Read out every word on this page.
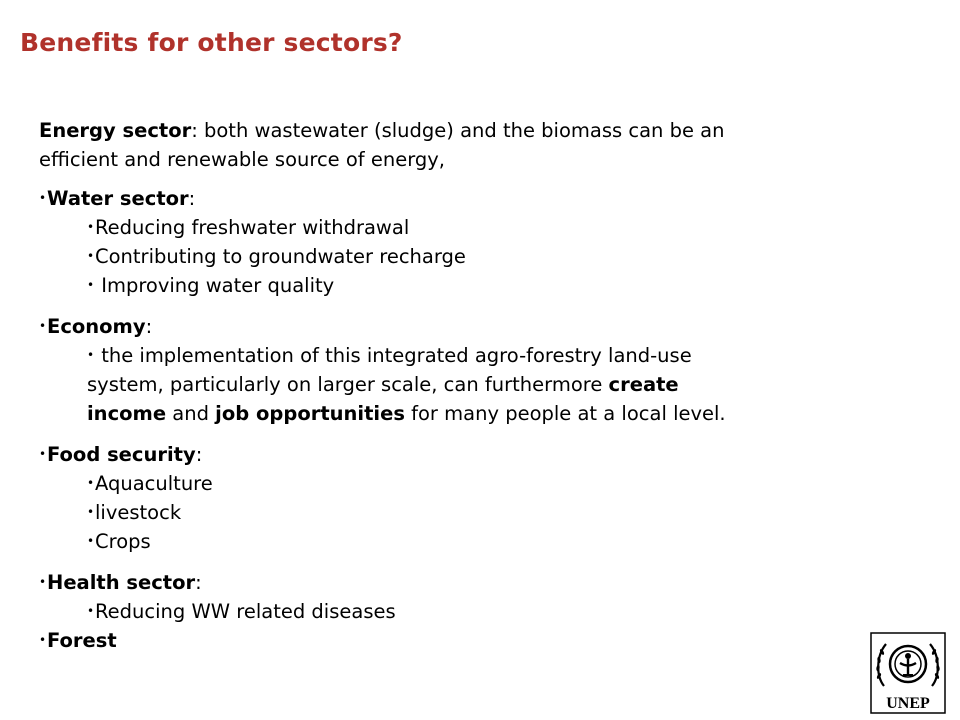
Benefits for other sectors?
Energy sector: both wastewater (sludge) and the biomass can be an
efficient and renewable source of energy,
•Water sector:
•Reducing freshwater withdrawal
•Contributing to groundwater recharge
• Improving water quality
•Economy:
• the implementation of this integrated agro-forestry land-use
system, particularly on larger scale, can furthermore create
income and job opportunities for many people at a local level.
•Food security:
•Aquaculture
•livestock
•Crops
•Health sector:
•Reducing WW related diseases
•Forest
UNEP
